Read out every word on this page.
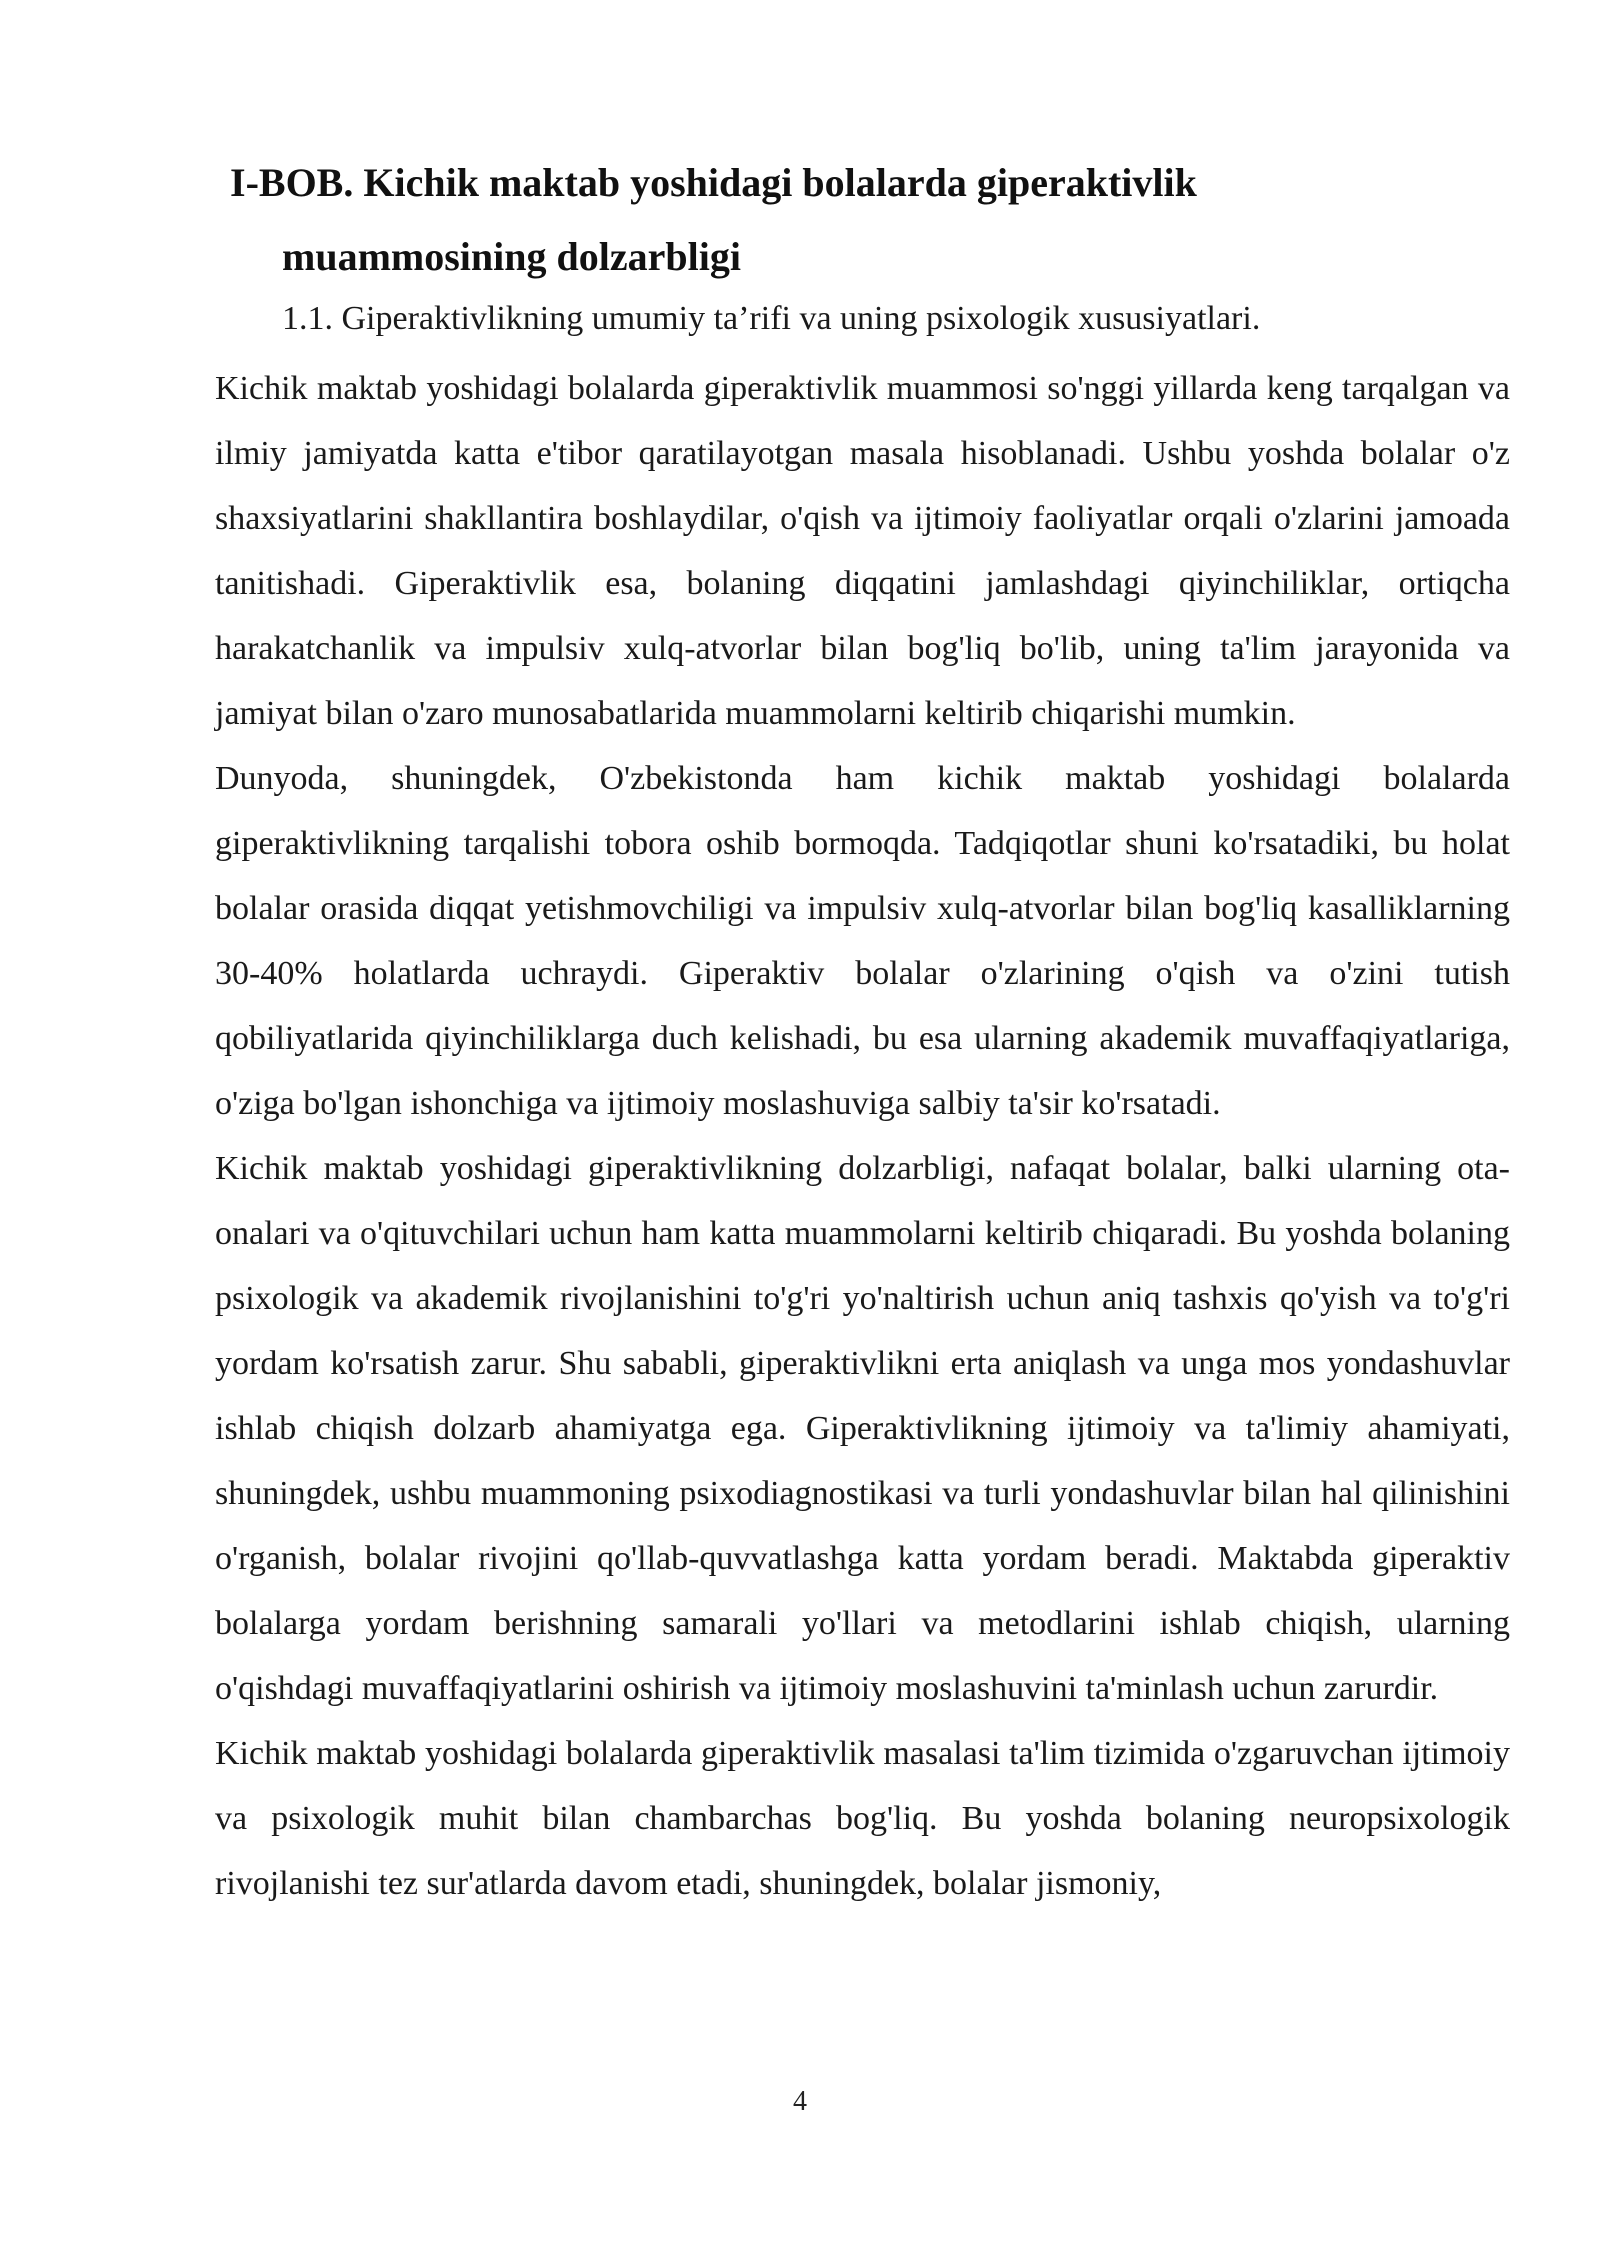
I-BOB. Kichik maktab yoshidagi bolalarda giperaktivlik
muammosining dolzarbligi
1.1. Giperaktivlikning umumiy ta’rifi va uning psixologik xususiyatlari.

Kichik maktab yoshidagi bolalarda giperaktivlik muammosi so'nggi yillarda keng tarqalgan va ilmiy jamiyatda katta e'tibor qaratilayotgan masala hisoblanadi. Ushbu yoshda bolalar o'z shaxsiyatlarini shakllantira boshlaydilar, o'qish va ijtimoiy faoliyatlar orqali o'zlarini jamoada tanitishadi. Giperaktivlik esa, bolaning diqqatini jamlashdagi qiyinchiliklar, ortiqcha harakatchanlik va impulsiv xulq-atvorlar bilan bog'liq bo'lib, uning ta'lim jarayonida va jamiyat bilan o'zaro munosabatlarida muammolarni keltirib chiqarishi mumkin.

Dunyoda, shuningdek, O'zbekistonda ham kichik maktab yoshidagi bolalarda giperaktivlikning tarqalishi tobora oshib bormoqda. Tadqiqotlar shuni ko'rsatadiki, bu holat bolalar orasida diqqat yetishmovchiligi va impulsiv xulq-atvorlar bilan bog'liq kasalliklarning 30-40% holatlarda uchraydi. Giperaktiv bolalar o'zlarining o'qish va o'zini tutish qobiliyatlarida qiyinchiliklarga duch kelishadi, bu esa ularning akademik muvaffaqiyatlariga, o'ziga bo'lgan ishonchiga va ijtimoiy moslashuviga salbiy ta'sir ko'rsatadi.

Kichik maktab yoshidagi giperaktivlikning dolzarbligi, nafaqat bolalar, balki ularning ota-onalari va o'qituvchilari uchun ham katta muammolarni keltirib chiqaradi. Bu yoshda bolaning psixologik va akademik rivojlanishini to'g'ri yo'naltirish uchun aniq tashxis qo'yish va to'g'ri yordam ko'rsatish zarur. Shu sababli, giperaktivlikni erta aniqlash va unga mos yondashuvlar ishlab chiqish dolzarb ahamiyatga ega. Giperaktivlikning ijtimoiy va ta'limiy ahamiyati, shuningdek, ushbu muammoning psixodiagnostikasi va turli yondashuvlar bilan hal qilinishini o'rganish, bolalar rivojini qo'llab-quvvatlashga katta yordam beradi. Maktabda giperaktiv bolalarga yordam berishning samarali yo'llari va metodlarini ishlab chiqish, ularning o'qishdagi muvaffaqiyatlarini oshirish va ijtimoiy moslashuvini ta'minlash uchun zarurdir.

Kichik maktab yoshidagi bolalarda giperaktivlik masalasi ta'lim tizimida o'zgaruvchan ijtimoiy va psixologik muhit bilan chambarchas bog'liq. Bu yoshda bolaning neuropsixologik rivojlanishi tez sur'atlarda davom etadi, shuningdek, bolalar jismoniy,

4
